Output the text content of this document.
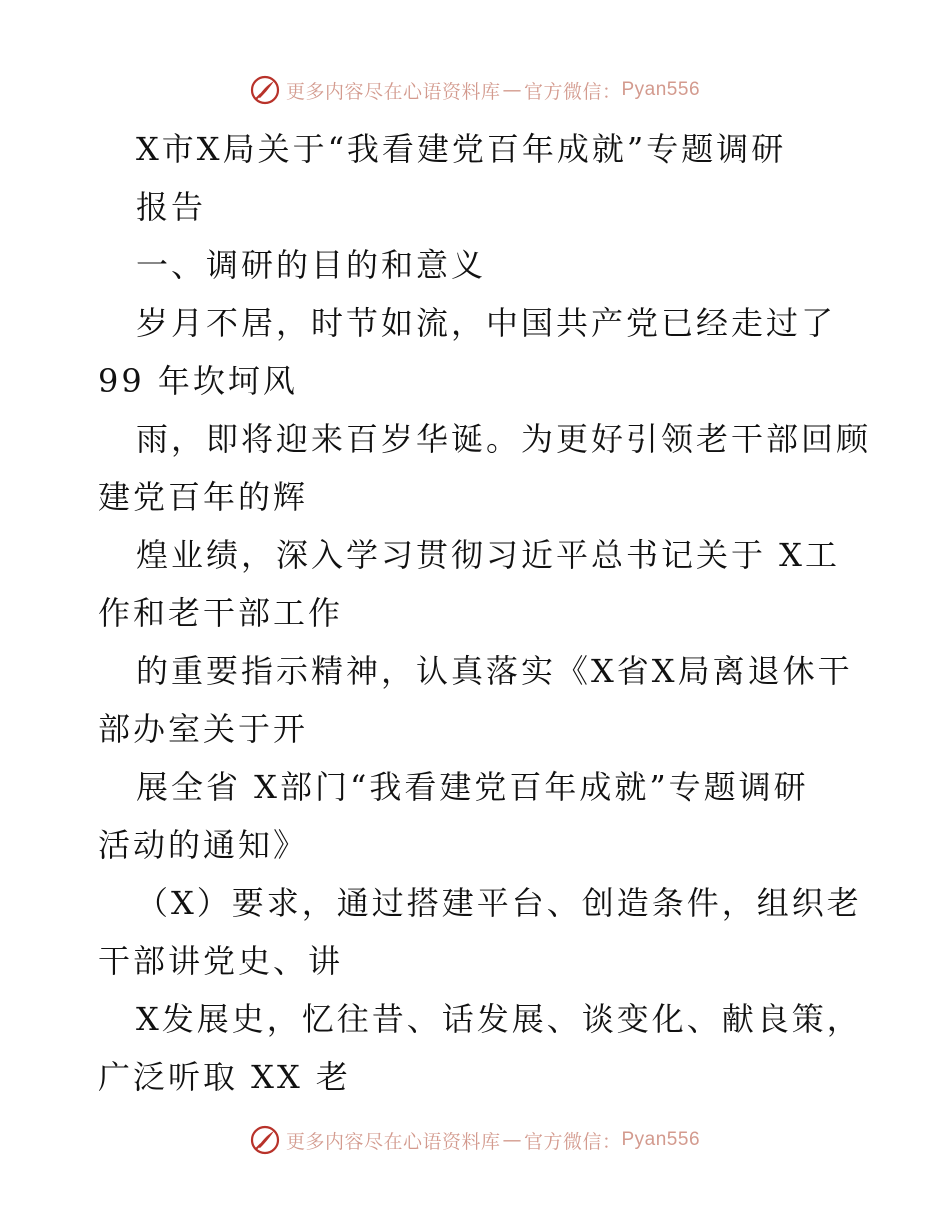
更多内容尽在心语资料库 — 官方微信： Pyan556
X市X局关于“我看建党百年成就”专题调研
报告
一、调研的目的和意义
岁月不居，时节如流，中国共产党已经走过了
99 年坎坷风
雨，即将迎来百岁华诞。为更好引领老干部回顾
建党百年的辉
煌业绩，深入学习贯彻习近平总书记关于 X工
作和老干部工作
的重要指示精神，认真落实《X省X局离退休干
部办室关于开
展全省 X部门“我看建党百年成就”专题调研
活动的通知》
（X）要求，通过搭建平台、创造条件，组织老
干部讲党史、讲
X发展史，忆往昔、话发展、谈变化、献良策，
广泛听取 XX 老
更多内容尽在心语资料库 — 官方微信： Pyan556
